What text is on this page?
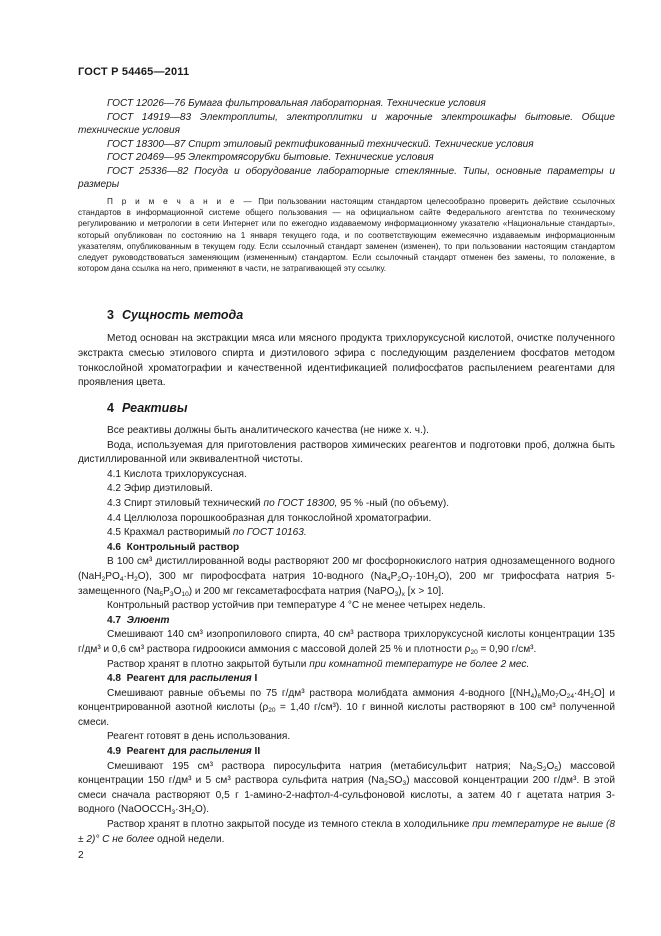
ГОСТ Р 54465—2011

ГОСТ 12026—76 Бумага фильтровальная лабораторная. Технические условия

ГОСТ 14919—83 Электроплиты, электроплитки и жарочные электрошкафы бытовые. Общие технические условия

ГОСТ 18300—87 Спирт этиловый ректификованный технический. Технические условия

ГОСТ 20469—95 Электромясорубки бытовые. Технические условия

ГОСТ 25336—82 Посуда и оборудование лабораторные стеклянные. Типы, основные параметры и размеры

П р и м е ч а н и е — При пользовании настоящим стандартом целесообразно проверить действие ссылочных стандартов в информационной системе общего пользования — на официальном сайте Федерального агентства по техническому регулированию и метрологии в сети Интернет или по ежегодно издаваемому информационному указателю «Национальные стандарты», который опубликован по состоянию на 1 января текущего года, и по соответствующим ежемесячно издаваемым информационным указателям, опубликованным в текущем году. Если ссылочный стандарт заменен (изменен), то при пользовании настоящим стандартом следует руководствоваться заменяющим (измененным) стандартом. Если ссылочный стандарт отменен без замены, то положение, в котором дана ссылка на него, применяют в части, не затрагивающей эту ссылку.

3 Сущность метода

Метод основан на экстракции мяса или мясного продукта трихлоруксусной кислотой, очистке полученного экстракта смесью этилового спирта и диэтилового эфира с последующим разделением фосфатов методом тонкослойной хроматографии и качественной идентификацией полифосфатов распылением реагентами для проявления цвета.

4 Реактивы

Все реактивы должны быть аналитического качества (не ниже х. ч.).

Вода, используемая для приготовления растворов химических реагентов и подготовки проб, должна быть дистиллированной или эквивалентной чистоты.

4.1 Кислота трихлоруксусная.

4.2 Эфир диэтиловый.

4.3 Спирт этиловый технический по ГОСТ 18300, 95 % -ный (по объему).

4.4 Целлюлоза порошкообразная для тонкослойной хроматографии.

4.5 Крахмал растворимый по ГОСТ 10163.

4.6 Контрольный раствор

В 100 см³ дистиллированной воды растворяют 200 мг фосфорнокислого натрия однозамещенного водного $(NaH_2PO_4\cdot H_2O)$, 300 мг пирофосфата натрия 10-водного $(Na_4P_2O_7\cdot 10H_2O)$, 200 мг трифосфата натрия 5-замещенного $(Na_5P_3O_{10})$ и 200 мг гексаметафосфата натрия $(NaPO_3)_x$ [x > 10].

Контрольный раствор устойчив при температуре 4 °С не менее четырех недель.

4.7 Элюент

Смешивают 140 см³ изопропилового спирта, 40 см³ раствора трихлоруксусной кислоты концентрации 135 г/дм³ и 0,6 см³ раствора гидроокиси аммония с массовой долей 25 % и плотности $\rho_{20} = 0,90$ г/см³.

Раствор хранят в плотно закрытой бутыли при комнатной температуре не более 2 мес.

4.8 Реагент для распыления I

Смешивают равные объемы по 75 г/дм³ раствора молибдата аммония 4-водного $[(NH_4)_6Mo_7O_{24}\cdot 4H_2O]$ и концентрированной азотной кислоты ($\rho_{20} = 1,40$ г/см³). 10 г винной кислоты растворяют в 100 см³ полученной смеси.

Реагент готовят в день использования.

4.9 Реагент для распыления II

Смешивают 195 см³ раствора пиросульфита натрия (метабисульфит натрия; $Na_2S_2O_5$) массовой концентрации 150 г/дм³ и 5 см³ раствора сульфита натрия $(Na_2SO_3)$ массовой концентрации 200 г/дм³. В этой смеси сначала растворяют 0,5 г 1-амино-2-нафтол-4-сульфоновой кислоты, а затем 40 г ацетата натрия 3-водного $(NaOOCCH_3\cdot 3H_2O)$.

Раствор хранят в плотно закрытой посуде из темного стекла в холодильнике при температуре не выше (8 ± 2)° С не более одной недели.

2
